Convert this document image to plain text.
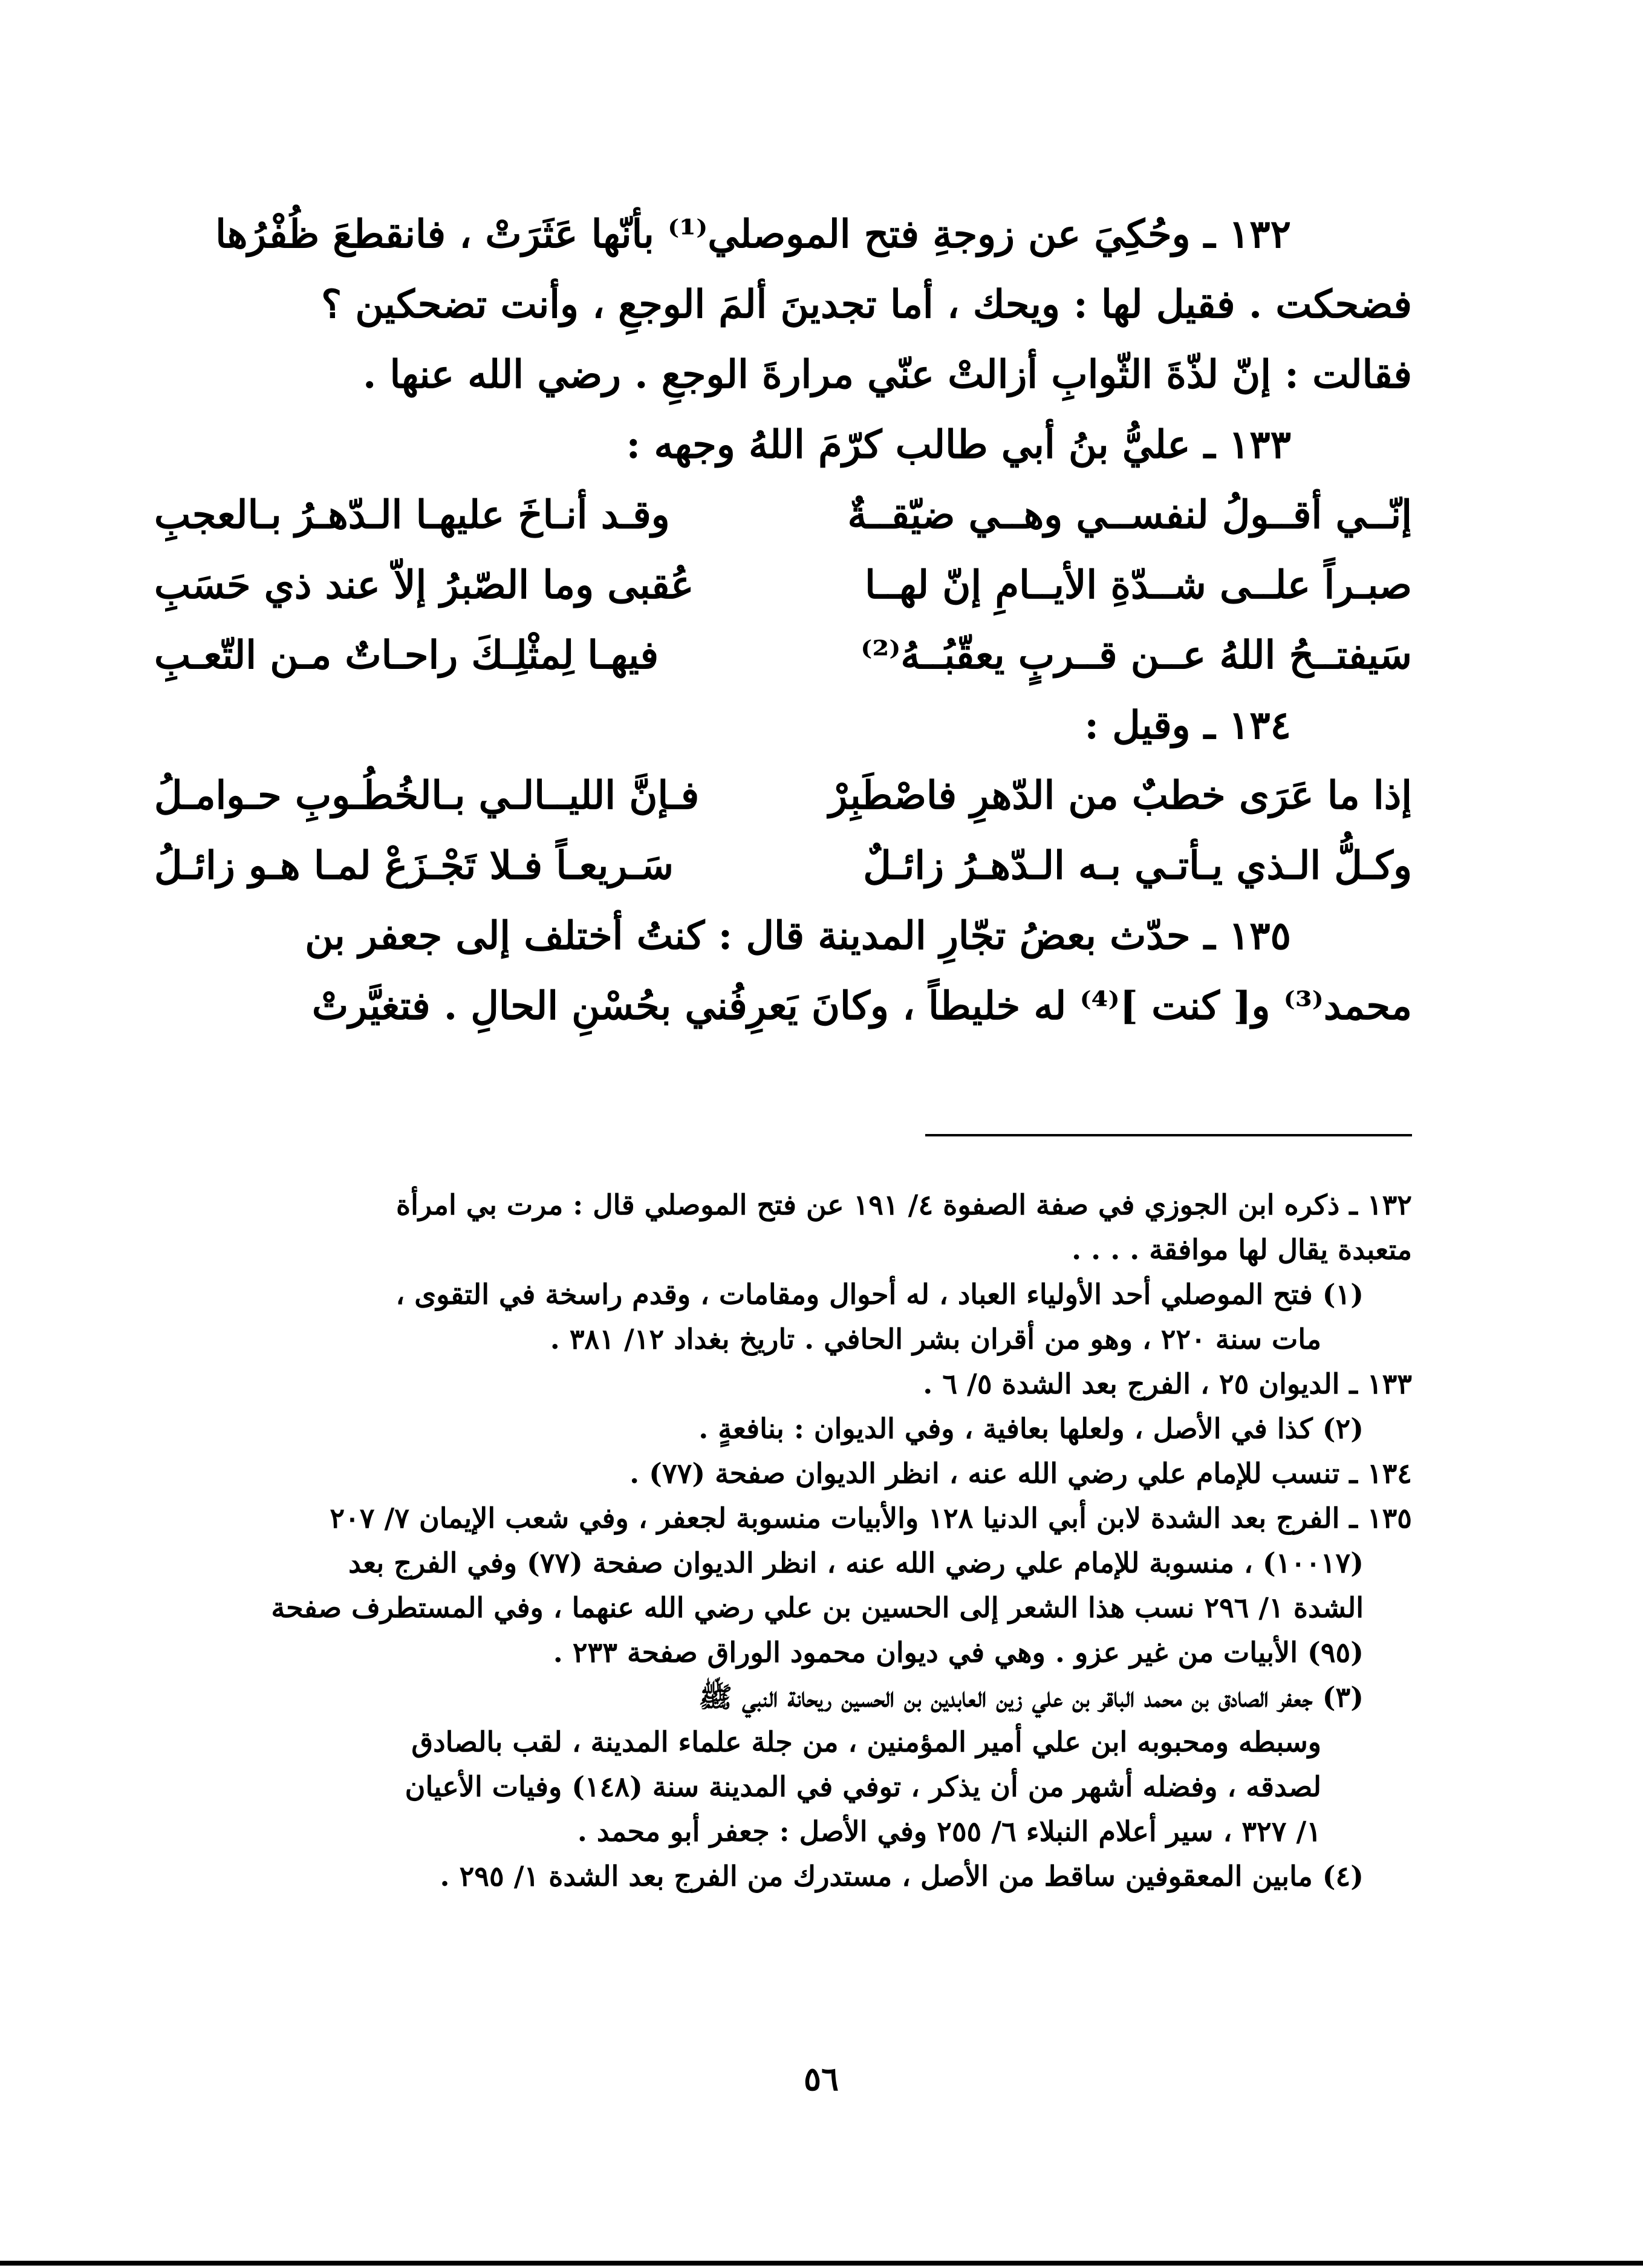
١٣٢ ـ وحُكِيَ عن زوجةِ فتح الموصلي⁽¹⁾ بأنّها عَثَرَتْ ، فانقطعَ ظُفْرُها
فضحكت . فقيل لها : ويحك ، أما تجدينَ ألمَ الوجعِ ، وأنت تضحكين ؟
فقالت : إنّ لذّةَ الثّوابِ أزالتْ عنّي مرارةَ الوجعِ . رضي الله عنها .
١٣٣ ـ عليُّ بنُ أبي طالب كرّمَ اللهُ وجهه :
إنّــي أقــولُ لنفســي وهــي ضيّقــةٌ
وقـد أنـاخَ عليهـا الـدّهـرُ بـالعجبِ
صبـراً علــى شــدّةِ الأيــامِ إنّ لهــا
عُقبى وما الصّبرُ إلاّ عند ذي حَسَبِ
سَيفتــحُ اللهُ عــن قــربٍ يعقّبُــهُ⁽²⁾
فيهـا لِمثْلِـكَ راحـاتٌ مـن التّعـبِ
١٣٤ ـ وقيل :
إذا ما عَرَى خطبٌ من الدّهرِ فاصْطَبِرْ
فـإنَّ الليــالـي بـالخُطُـوبِ حـوامـلُ
وكـلُّ الـذي يـأتـي بـه الـدّهـرُ زائـلٌ
سَـريعـاً فـلا تَجْـزَعْ لمـا هـو زائـلُ
١٣٥ ـ حدّث بعضُ تجّارِ المدينة قال : كنتُ أختلف إلى جعفر بن
محمد⁽³⁾ و[ كنت ]⁽⁴⁾ له خليطاً ، وكانَ يَعرِفُني بحُسْنِ الحالِ . فتغيَّرتْ
١٣٢ ـ ذكره ابن الجوزي في صفة الصفوة ٤/ ١٩١ عن فتح الموصلي قال : مرت بي امرأة
متعبدة يقال لها موافقة . . . .
(١) فتح الموصلي أحد الأولياء العباد ، له أحوال ومقامات ، وقدم راسخة في التقوى ،
مات سنة ٢٢٠ ، وهو من أقران بشر الحافي . تاريخ بغداد ١٢/ ٣٨١ .
١٣٣ ـ الديوان ٢٥ ، الفرج بعد الشدة ٥/ ٦ .
(٢) كذا في الأصل ، ولعلها بعافية ، وفي الديوان : بنافعةٍ .
١٣٤ ـ تنسب للإمام علي رضي الله عنه ، انظر الديوان صفحة (٧٧) .
١٣٥ ـ الفرج بعد الشدة لابن أبي الدنيا ١٢٨ والأبيات منسوبة لجعفر ، وفي شعب الإيمان ٧/ ٢٠٧
(١٠٠١٧) ، منسوبة للإمام علي رضي الله عنه ، انظر الديوان صفحة (٧٧) وفي الفرج بعد
الشدة ١/ ٢٩٦ نسب هذا الشعر إلى الحسين بن علي رضي الله عنهما ، وفي المستطرف صفحة
(٩٥) الأبيات من غير عزو . وهي في ديوان محمود الوراق صفحة ٢٣٣ .
(٣) جعفر الصادق بن محمد الباقر بن علي زين العابدين بن الحسين ريحانة النبي ﷺ
وسبطه ومحبوبه ابن علي أمير المؤمنين ، من جلة علماء المدينة ، لقب بالصادق
لصدقه ، وفضله أشهر من أن يذكر ، توفي في المدينة سنة (١٤٨) وفيات الأعيان
١/ ٣٢٧ ، سير أعلام النبلاء ٦/ ٢٥٥ وفي الأصل : جعفر أبو محمد .
(٤) مابين المعقوفين ساقط من الأصل ، مستدرك من الفرج بعد الشدة ١/ ٢٩٥ .
٥٦
